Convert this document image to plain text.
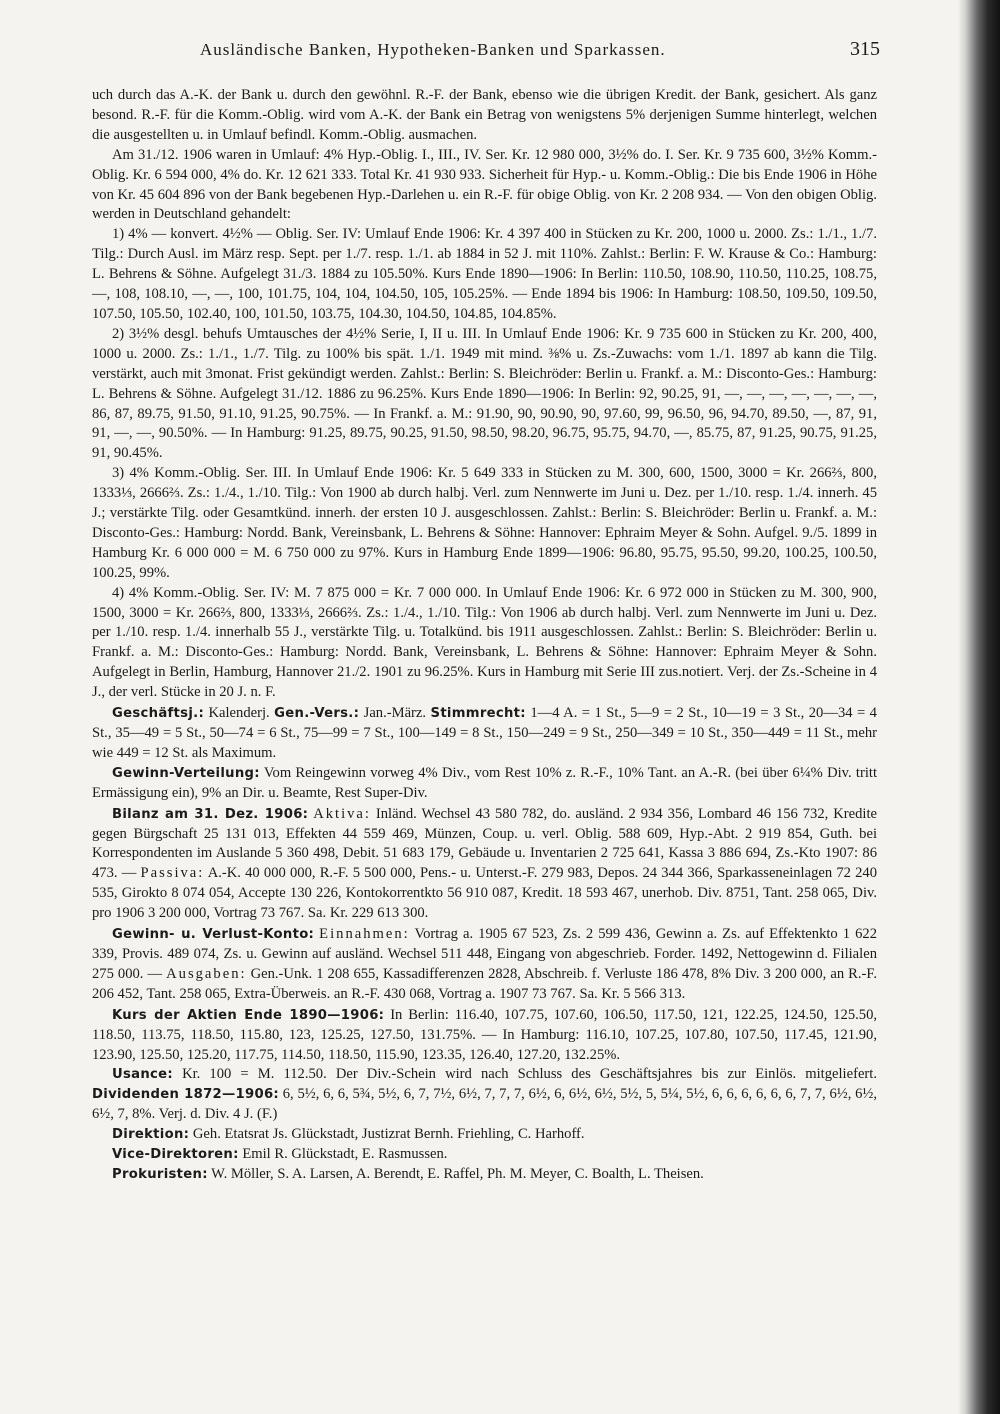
Ausländische Banken, Hypotheken-Banken und Sparkassen.	315

uch durch das A.-K. der Bank u. durch den gewöhnl. R.-F. der Bank, ebenso wie die übrigen Kredit. der Bank, gesichert. Als ganz besond. R.-F. für die Komm.-Oblig. wird vom A.-K. der Bank ein Betrag von wenigstens 5% derjenigen Summe hinterlegt, welchen die ausgestellten u. in Umlauf befindl. Komm.-Oblig. ausmachen.

Am 31./12. 1906 waren in Umlauf: 4% Hyp.-Oblig. I., III., IV. Ser. Kr. 12 980 000, 3½% do. I. Ser. Kr. 9 735 600, 3½% Komm.-Oblig. Kr. 6 594 000, 4% do. Kr. 12 621 333. Total Kr. 41 930 933. Sicherheit für Hyp.- u. Komm.-Oblig.: Die bis Ende 1906 in Höhe von Kr. 45 604 896 von der Bank begebenen Hyp.-Darlehen u. ein R.-F. für obige Oblig. von Kr. 2 208 934. — Von den obigen Oblig. werden in Deutschland gehandelt:

1) 4% — konvert. 4½% — Oblig. Ser. IV: Umlauf Ende 1906: Kr. 4 397 400 in Stücken zu Kr. 200, 1000 u. 2000. Zs.: 1./1., 1./7. Tilg.: Durch Ausl. im März resp. Sept. per 1./7. resp. 1./1. ab 1884 in 52 J. mit 110%. Zahlst.: Berlin: F. W. Krause & Co.: Hamburg: L. Behrens & Söhne. Aufgelegt 31./3. 1884 zu 105.50%. Kurs Ende 1890—1906: In Berlin: 110.50, 108.90, 110.50, 110.25, 108.75, —, 108, 108.10, —, —, 100, 101.75, 104, 104, 104.50, 105, 105.25%. — Ende 1894 bis 1906: In Hamburg: 108.50, 109.50, 109.50, 107.50, 105.50, 102.40, 100, 101.50, 103.75, 104.30, 104.50, 104.85, 104.85%.

2) 3½% desgl. behufs Umtausches der 4½% Serie, I, II u. III. In Umlauf Ende 1906: Kr. 9 735 600 in Stücken zu Kr. 200, 400, 1000 u. 2000. Zs.: 1./1., 1./7. Tilg. zu 100% bis spät. 1./1. 1949 mit mind. ⅜% u. Zs.-Zuwachs: vom 1./1. 1897 ab kann die Tilg. verstärkt, auch mit 3monat. Frist gekündigt werden. Zahlst.: Berlin: S. Bleichröder: Berlin u. Frankf. a. M.: Disconto-Ges.: Hamburg: L. Behrens & Söhne. Aufgelegt 31./12. 1886 zu 96.25%. Kurs Ende 1890—1906: In Berlin: 92, 90.25, 91, —, —, —, —, —, —, —, 86, 87, 89.75, 91.50, 91.10, 91.25, 90.75%. — In Frankf. a. M.: 91.90, 90, 90.90, 90, 97.60, 99, 96.50, 96, 94.70, 89.50, —, 87, 91, 91, —, —, 90.50%. — In Hamburg: 91.25, 89.75, 90.25, 91.50, 98.50, 98.20, 96.75, 95.75, 94.70, —, 85.75, 87, 91.25, 90.75, 91.25, 91, 90.45%.

3) 4% Komm.-Oblig. Ser. III. In Umlauf Ende 1906: Kr. 5 649 333 in Stücken zu M. 300, 600, 1500, 3000 = Kr. 266⅔, 800, 1333⅓, 2666⅔. Zs.: 1./4., 1./10. Tilg.: Von 1900 ab durch halbj. Verl. zum Nennwerte im Juni u. Dez. per 1./10. resp. 1./4. innerh. 45 J.; verstärkte Tilg. oder Gesamtkünd. innerh. der ersten 10 J. ausgeschlossen. Zahlst.: Berlin: S. Bleichröder: Berlin u. Frankf. a. M.: Disconto-Ges.: Hamburg: Nordd. Bank, Vereinsbank, L. Behrens & Söhne: Hannover: Ephraim Meyer & Sohn. Aufgel. 9./5. 1899 in Hamburg Kr. 6 000 000 = M. 6 750 000 zu 97%. Kurs in Hamburg Ende 1899—1906: 96.80, 95.75, 95.50, 99.20, 100.25, 100.50, 100.25, 99%.

4) 4% Komm.-Oblig. Ser. IV: M. 7 875 000 = Kr. 7 000 000. In Umlauf Ende 1906: Kr. 6 972 000 in Stücken zu M. 300, 900, 1500, 3000 = Kr. 266⅔, 800, 1333⅓, 2666⅔. Zs.: 1./4., 1./10. Tilg.: Von 1906 ab durch halbj. Verl. zum Nennwerte im Juni u. Dez. per 1./10. resp. 1./4. innerhalb 55 J., verstärkte Tilg. u. Totalkünd. bis 1911 ausgeschlossen. Zahlst.: Berlin: S. Bleichröder: Berlin u. Frankf. a. M.: Disconto-Ges.: Hamburg: Nordd. Bank, Vereinsbank, L. Behrens & Söhne: Hannover: Ephraim Meyer & Sohn. Aufgelegt in Berlin, Hamburg, Hannover 21./2. 1901 zu 96.25%. Kurs in Hamburg mit Serie III zus.notiert. Verj. der Zs.-Scheine in 4 J., der verl. Stücke in 20 J. n. F.

Geschäftsj.: Kalenderj. Gen.-Vers.: Jan.-März. Stimmrecht: 1—4 A. = 1 St., 5—9 = 2 St., 10—19 = 3 St., 20—34 = 4 St., 35—49 = 5 St., 50—74 = 6 St., 75—99 = 7 St., 100—149 = 8 St., 150—249 = 9 St., 250—349 = 10 St., 350—449 = 11 St., mehr wie 449 = 12 St. als Maximum.

Gewinn-Verteilung: Vom Reingewinn vorweg 4% Div., vom Rest 10% z. R.-F., 10% Tant. an A.-R. (bei über 6¼% Div. tritt Ermässigung ein), 9% an Dir. u. Beamte, Rest Super-Div.

Bilanz am 31. Dez. 1906: Aktiva: Inländ. Wechsel 43 580 782, do. ausländ. 2 934 356, Lombard 46 156 732, Kredite gegen Bürgschaft 25 131 013, Effekten 44 559 469, Münzen, Coup. u. verl. Oblig. 588 609, Hyp.-Abt. 2 919 854, Guth. bei Korrespondenten im Auslande 5 360 498, Debit. 51 683 179, Gebäude u. Inventarien 2 725 641, Kassa 3 886 694, Zs.-Kto 1907: 86 473. — Passiva: A.-K. 40 000 000, R.-F. 5 500 000, Pens.- u. Unterst.-F. 279 983, Depos. 24 344 366, Sparkasseneinlagen 72 240 535, Girokto 8 074 054, Accepte 130 226, Kontokorrentkto 56 910 087, Kredit. 18 593 467, unerhob. Div. 8751, Tant. 258 065, Div. pro 1906 3 200 000, Vortrag 73 767. Sa. Kr. 229 613 300.

Gewinn- u. Verlust-Konto: Einnahmen: Vortrag a. 1905 67 523, Zs. 2 599 436, Gewinn a. Zs. auf Effektenkto 1 622 339, Provis. 489 074, Zs. u. Gewinn auf ausländ. Wechsel 511 448, Eingang von abgeschrieb. Forder. 1492, Nettogewinn d. Filialen 275 000. — Ausgaben: Gen.-Unk. 1 208 655, Kassadifferenzen 2828, Abschreib. f. Verluste 186 478, 8% Div. 3 200 000, an R.-F. 206 452, Tant. 258 065, Extra-Überweis. an R.-F. 430 068, Vortrag a. 1907 73 767. Sa. Kr. 5 566 313.

Kurs der Aktien Ende 1890—1906: In Berlin: 116.40, 107.75, 107.60, 106.50, 117.50, 121, 122.25, 124.50, 125.50, 118.50, 113.75, 118.50, 115.80, 123, 125.25, 127.50, 131.75%. — In Hamburg: 116.10, 107.25, 107.80, 107.50, 117.45, 121.90, 123.90, 125.50, 125.20, 117.75, 114.50, 118.50, 115.90, 123.35, 126.40, 127.20, 132.25%.

Usance: Kr. 100 = M. 112.50. Der Div.-Schein wird nach Schluss des Geschäftsjahres bis zur Einlös. mitgeliefert. Dividenden 1872—1906: 6, 5½, 6, 6, 5¾, 5½, 6, 7, 7½, 6½, 7, 7, 7, 6½, 6, 6½, 6½, 5½, 5, 5¼, 5½, 6, 6, 6, 6, 6, 6, 7, 7, 6½, 6½, 6½, 7, 8%. Verj. d. Div. 4 J. (F.)

Direktion: Geh. Etatsrat Js. Glückstadt, Justizrat Bernh. Friehling, C. Harhoff.

Vice-Direktoren: Emil R. Glückstadt, E. Rasmussen.

Prokuristen: W. Möller, S. A. Larsen, A. Berendt, E. Raffel, Ph. M. Meyer, C. Boalth, L. Theisen.
